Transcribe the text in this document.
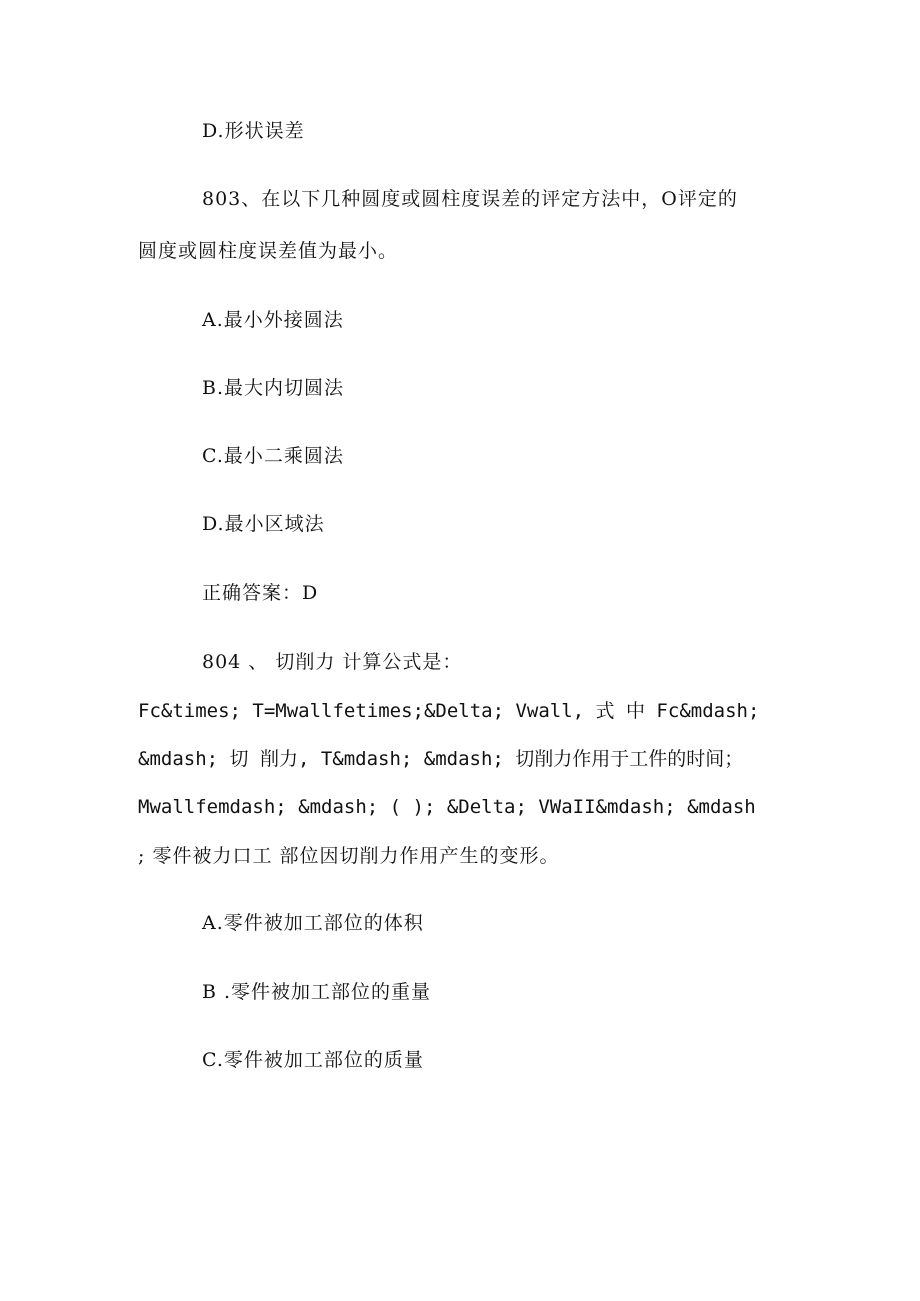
D.形状误差
803、在以下几种圆度或圆柱度误差的评定方法中，O评定的
圆度或圆柱度误差值为最小。
A.最小外接圆法
B.最大内切圆法
C.最小二乘圆法
D.最小区域法
正确答案：D
804 、 切削力 计算公式是：
Fc&times; T=Mwallfetimes;&Delta; Vwall, 式 中 Fc&mdash;
&mdash; 切 削力, T&mdash; &mdash; 切削力作用于工件的时间；
Mwallfemdash; &mdash; ( ); &Delta; VWaII&mdash; &mdash
; 零件被力口工 部位因切削力作用产生的变形。
A.零件被加工部位的体积
B .零件被加工部位的重量
C.零件被加工部位的质量
